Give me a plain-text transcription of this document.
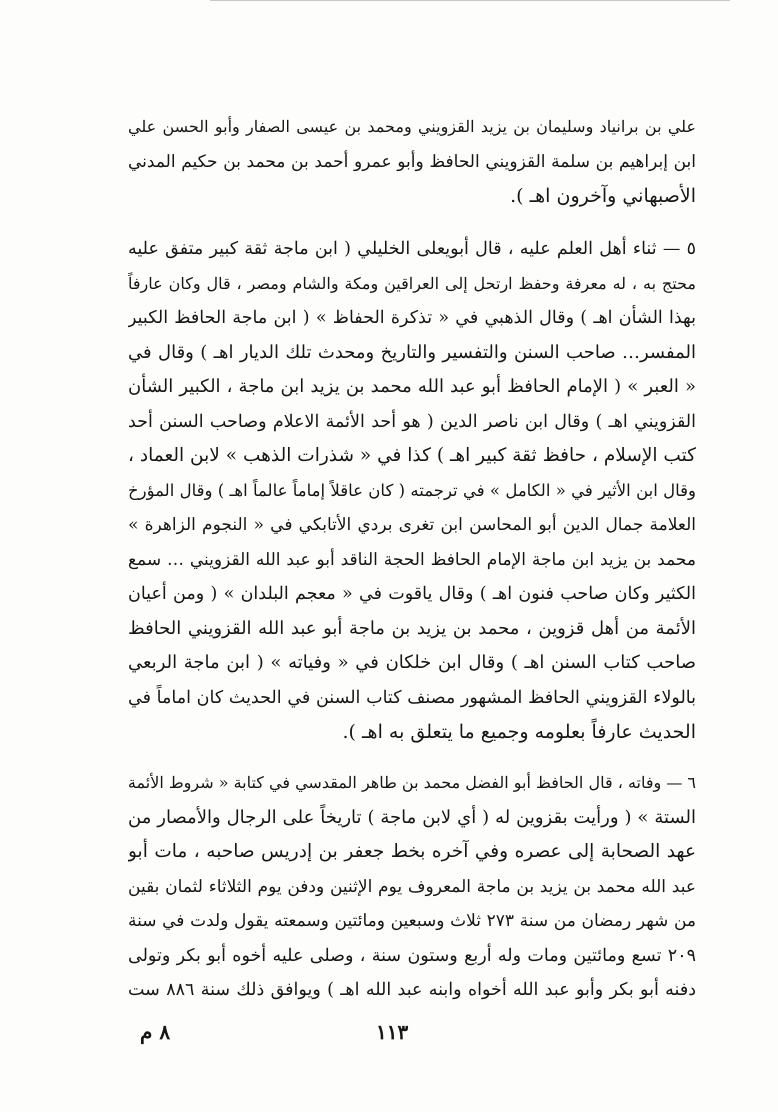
علي بن برانياد وسليمان بن يزيد القزويني ومحمد بن عيسى الصفار وأبو الحسن علي
ابن إبراهيم بن سلمة القزويني الحافظ وأبو عمرو أحمد بن محمد بن حكيم المدني
الأصبهاني وآخرون اهـ ).
٥ — ثناء أهل العلم عليه ، قال أبويعلى الخليلي ( ابن ماجة ثقة كبير متفق عليه
محتج به ، له معرفة وحفظ ارتحل إلى العراقين ومكة والشام ومصر ، قال وكان عارفاً
بهذا الشأن اهـ ) وقال الذهبي في « تذكرة الحفاظ » ( ابن ماجة الحافظ الكبير
المفسر… صاحب السنن والتفسير والتاريخ ومحدث تلك الديار اهـ ) وقال في
« العبر » ( الإمام الحافظ أبو عبد الله محمد بن يزيد ابن ماجة ، الكبير الشأن
القزويني اهـ ) وقال ابن ناصر الدين ( هو أحد الأئمة الاعلام وصاحب السنن أحد
كتب الإسلام ، حافظ ثقة كبير اهـ ) كذا في « شذرات الذهب » لابن العماد ،
وقال ابن الأثير في « الكامل » في ترجمته ( كان عاقلاً إماماً عالماً اهـ ) وقال المؤرخ
العلامة جمال الدين أبو المحاسن ابن تغرى بردي الأتابكي في « النجوم الزاهرة »
محمد بن يزيد ابن ماجة الإمام الحافظ الحجة الناقد أبو عبد الله القزويني … سمع
الكثير وكان صاحب فنون اهـ ) وقال ياقوت في « معجم البلدان » ( ومن أعيان
الأئمة من أهل قزوين ، محمد بن يزيد بن ماجة أبو عبد الله القزويني الحافظ
صاحب كتاب السنن اهـ ) وقال ابن خلكان في « وفياته » ( ابن ماجة الربعي
بالولاء القزويني الحافظ المشهور مصنف كتاب السنن في الحديث كان اماماً في
الحديث عارفاً بعلومه وجميع ما يتعلق به اهـ ).
٦ — وفاته ، قال الحافظ أبو الفضل محمد بن طاهر المقدسي في كتابة « شروط الأئمة
الستة » ( ورأيت بقزوين له ( أي لابن ماجة ) تاريخاً على الرجال والأمصار من
عهد الصحابة إلى عصره وفي آخره بخط جعفر بن إدريس صاحبه ، مات أبو
عبد الله محمد بن يزيد بن ماجة المعروف يوم الإثنين ودفن يوم الثلاثاء لثمان بقين
من شهر رمضان من سنة ٢٧٣ ثلاث وسبعين ومائتين وسمعته يقول ولدت في سنة
٢٠٩ تسع ومائتين ومات وله أربع وستون سنة ، وصلى عليه أخوه أبو بكر وتولى
دفنه أبو بكر وأبو عبد الله أخواه وابنه عبد الله اهـ ) ويوافق ذلك سنة ٨٨٦ ست
١١٣
٨ م
